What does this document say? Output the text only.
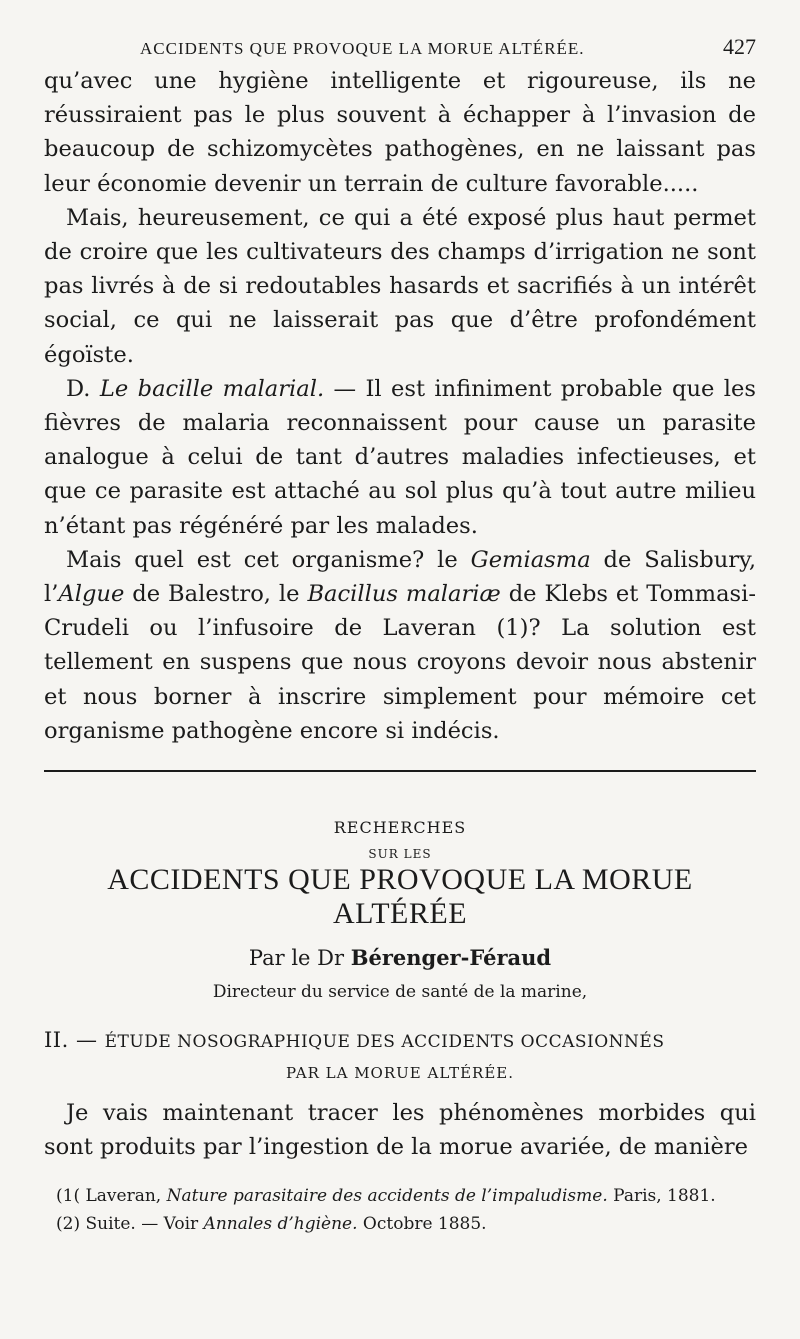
ACCIDENTS QUE PROVOQUE LA MORUE ALTÉRÉE.	427

qu’avec une hygiène intelligente et rigoureuse, ils ne réussiraient pas le plus souvent à échapper à l’invasion de beaucoup de schizomycètes pathogènes, en ne laissant pas leur économie devenir un terrain de culture favorable.....

Mais, heureusement, ce qui a été exposé plus haut permet de croire que les cultivateurs des champs d’irrigation ne sont pas livrés à de si redoutables hasards et sacrifiés à un intérêt social, ce qui ne laisserait pas que d’être profondément égoïste.

D. Le bacille malarial. — Il est infiniment probable que les fièvres de malaria reconnaissent pour cause un parasite analogue à celui de tant d’autres maladies infectieuses, et que ce parasite est attaché au sol plus qu’à tout autre milieu n’étant pas régénéré par les malades.

Mais quel est cet organisme? le Gemiasma de Salisbury, l’Algue de Balestro, le Bacillus malariæ de Klebs et Tommasi-Crudeli ou l’infusoire de Laveran (1)? La solution est tellement en suspens que nous croyons devoir nous abstenir et nous borner à inscrire simplement pour mémoire cet organisme pathogène encore si indécis.

RECHERCHES
SUR LES
ACCIDENTS QUE PROVOQUE LA MORUE ALTÉRÉE
Par le Dr Bérenger-Féraud
Directeur du service de santé de la marine,
II. — ÉTUDE NOSOGRAPHIQUE DES ACCIDENTS OCCASIONNÉS
PAR LA MORUE ALTÉRÉE.

Je vais maintenant tracer les phénomènes morbides qui sont produits par l’ingestion de la morue avariée, de manière

(1( Laveran, Nature parasitaire des accidents de l’impaludisme. Paris, 1881.

(2) Suite. — Voir Annales d’hgiène. Octobre 1885.
